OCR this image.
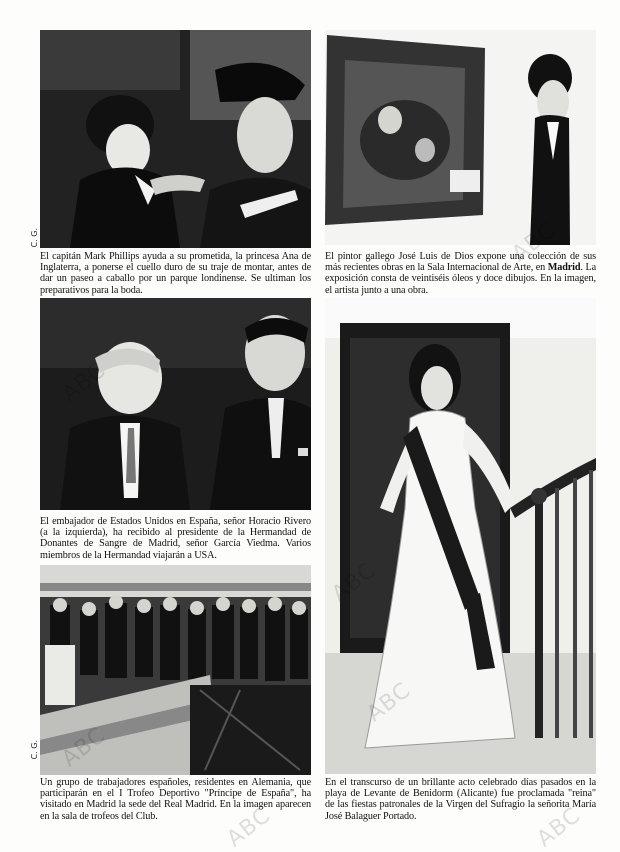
El capitán Mark Phillips ayuda a su prometida, la princesa Ana de Inglaterra, a ponerse el cuello duro de su traje de montar, antes de dar un paseo a caballo por un parque londinense. Se ultiman los preparativos para la boda.
El pintor gallego José Luis de Dios expone una colección de sus más recientes obras en la Sala Internacional de Arte, en Madrid. La exposición consta de veintiséis óleos y doce dibujos. En la imagen, el artista junto a una obra.
El embajador de Estados Unidos en España, señor Horacio Rivero (a la izquierda), ha recibido al presidente de la Hermandad de Donantes de Sangre de Madrid, señor García Viedma. Varios miembros de la Hermandad viajarán a USA.
Un grupo de trabajadores españoles, residentes en Alemania, que participarán en el I Trofeo Deportivo "Príncipe de España", ha visitado en Madrid la sede del Real Madrid. En la imagen aparecen en la sala de trofeos del Club.
En el transcurso de un brillante acto celebrado días pasados en la playa de Levante de Benidorm (Alicante) fue proclamada "reina" de las fiestas patronales de la Virgen del Sufragio la señorita María José Balaguer Portado.
C. G.
C. G.
ABC	ABC
